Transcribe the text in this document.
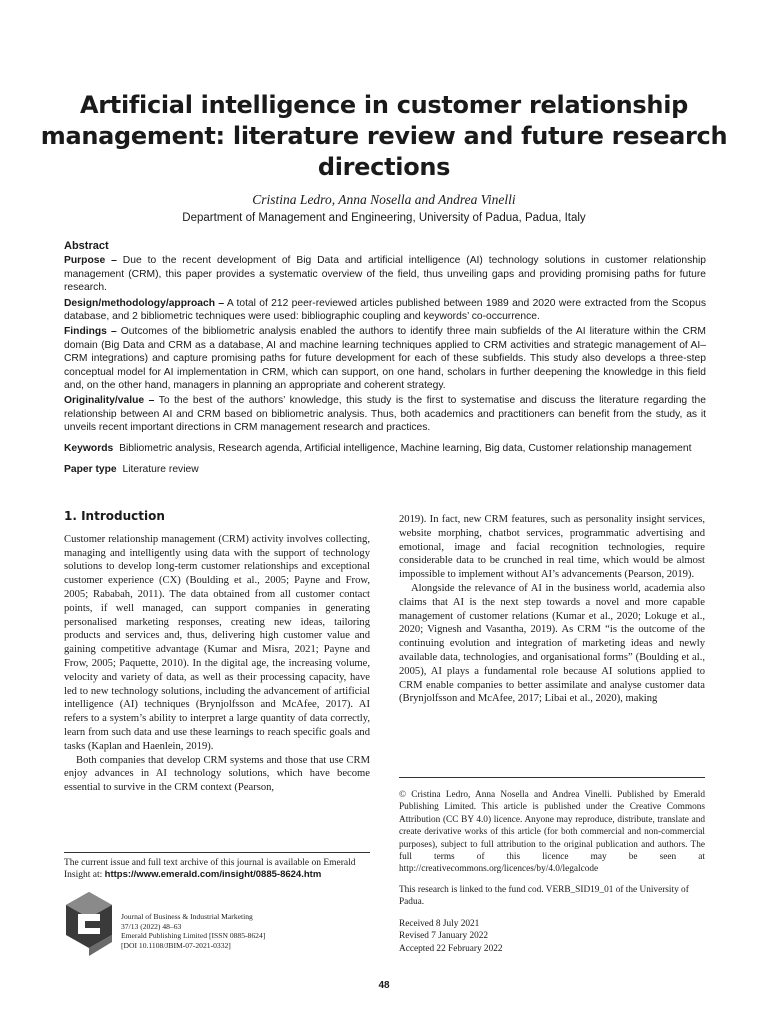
Artificial intelligence in customer relationship management: literature review and future research directions
Cristina Ledro, Anna Nosella and Andrea Vinelli
Department of Management and Engineering, University of Padua, Padua, Italy
Abstract

Purpose – Due to the recent development of Big Data and artificial intelligence (AI) technology solutions in customer relationship management (CRM), this paper provides a systematic overview of the field, thus unveiling gaps and providing promising paths for future research.

Design/methodology/approach – A total of 212 peer-reviewed articles published between 1989 and 2020 were extracted from the Scopus database, and 2 bibliometric techniques were used: bibliographic coupling and keywords’ co-occurrence.

Findings – Outcomes of the bibliometric analysis enabled the authors to identify three main subfields of the AI literature within the CRM domain (Big Data and CRM as a database, AI and machine learning techniques applied to CRM activities and strategic management of AI–CRM integrations) and capture promising paths for future development for each of these subfields. This study also develops a three-step conceptual model for AI implementation in CRM, which can support, on one hand, scholars in further deepening the knowledge in this field and, on the other hand, managers in planning an appropriate and coherent strategy.

Originality/value – To the best of the authors’ knowledge, this study is the first to systematise and discuss the literature regarding the relationship between AI and CRM based on bibliometric analysis. Thus, both academics and practitioners can benefit from the study, as it unveils recent important directions in CRM management research and practices.

Keywords Bibliometric analysis, Research agenda, Artificial intelligence, Machine learning, Big data, Customer relationship management
Paper type Literature review
1. Introduction

Customer relationship management (CRM) activity involves collecting, managing and intelligently using data with the support of technology solutions to develop long-term customer relationships and exceptional customer experience (CX) (Boulding et al., 2005; Payne and Frow, 2005; Rababah, 2011). The data obtained from all customer contact points, if well managed, can support companies in generating personalised marketing responses, creating new ideas, tailoring products and services and, thus, delivering high customer value and gaining competitive advantage (Kumar and Misra, 2021; Payne and Frow, 2005; Paquette, 2010). In the digital age, the increasing volume, velocity and variety of data, as well as their processing capacity, have led to new technology solutions, including the advancement of artificial intelligence (AI) techniques (Brynjolfsson and McAfee, 2017). AI refers to a system’s ability to interpret a large quantity of data correctly, learn from such data and use these learnings to reach specific goals and tasks (Kaplan and Haenlein, 2019).

Both companies that develop CRM systems and those that use CRM enjoy advances in AI technology solutions, which have become essential to survive in the CRM context (Pearson,

2019). In fact, new CRM features, such as personality insight services, website morphing, chatbot services, programmatic advertising and emotional, image and facial recognition technologies, require considerable data to be crunched in real time, which would be almost impossible to implement without AI’s advancements (Pearson, 2019).

Alongside the relevance of AI in the business world, academia also claims that AI is the next step towards a novel and more capable management of customer relations (Kumar et al., 2020; Lokuge et al., 2020; Vignesh and Vasantha, 2019). As CRM “is the outcome of the continuing evolution and integration of marketing ideas and newly available data, technologies, and organisational forms” (Boulding et al., 2005), AI plays a fundamental role because AI solutions applied to CRM enable companies to better assimilate and analyse customer data (Brynjolfsson and McAfee, 2017; Libai et al., 2020), making

The current issue and full text archive of this journal is available on Emerald Insight at: https://www.emerald.com/insight/0885-8624.htm
Journal of Business & Industrial Marketing
37/13 (2022) 48–63
Emerald Publishing Limited [ISSN 0885-8624]
[DOI 10.1108/JBIM-07-2021-0332]
© Cristina Ledro, Anna Nosella and Andrea Vinelli. Published by Emerald Publishing Limited. This article is published under the Creative Commons Attribution (CC BY 4.0) licence. Anyone may reproduce, distribute, translate and create derivative works of this article (for both commercial and non-commercial purposes), subject to full attribution to the original publication and authors. The full terms of this licence may be seen at http://creativecommons.org/licences/by/4.0/legalcode
This research is linked to the fund cod. VERB_SID19_01 of the University of Padua.
Received 8 July 2021
Revised 7 January 2022
Accepted 22 February 2022
48
